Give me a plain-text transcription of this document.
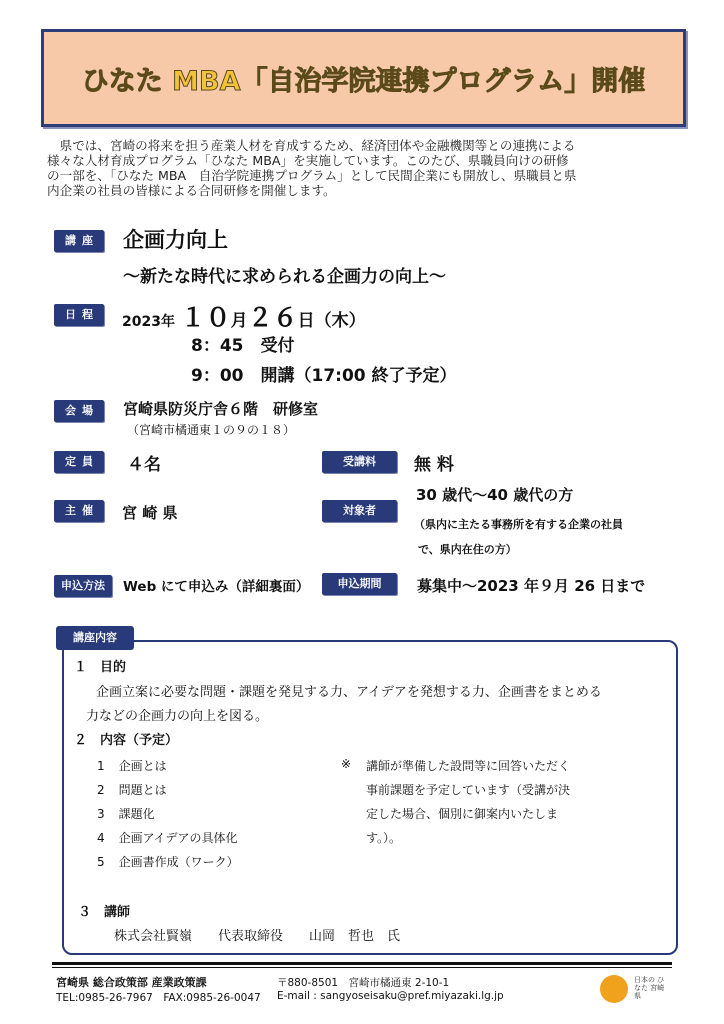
ひなた MBA「自治学院連携プログラム」開催
　県では、宮崎の将来を担う産業人材を育成するため、経済団体や金融機関等との連携による
様々な人材育成プログラム「ひなた MBA」を実施しています。このたび、県職員向けの研修
の一部を、「ひなた MBA　自治学院連携プログラム」として民間企業にも開放し、県職員と県
内企業の社員の皆様による合同研修を開催します。
講座 企画力向上
～新たな時代に求められる企画力の向上～
日程	2023年 １０月２６日（木）
8：45　受付
9：00　開講（17:00 終了予定）
会場	宮崎県防災庁舎６階　研修室
（宮崎市橘通東１の９の１８）
定員 ４名	受講料	無 料
主催	宮 崎 県	対象者
30 歳代～40 歳代の方
（県内に主たる事務所を有する企業の社員
で、県内在住の方）
申込方法	Web にて申込み（詳細裏面）	申込期間	募集中～2023 年９月 26 日まで
講座内容
１　目的
企画立案に必要な問題・課題を発見する力、アイデアを発想する力、企画書をまとめる
力などの企画力の向上を図る。
２　内容（予定）
1 企画とは
2 問題とは
3 課題化
4 企画アイデアの具体化
5 企画書作成（ワーク）
※ 講師が準備した設問等に回答いただく
事前課題を予定しています（受講が決
定した場合、個別に御案内いたしま
す。）。
３　講師
株式会社賢嶺　　代表取締役　　山岡　哲也　氏
宮崎県 総合政策部 産業政策課	〒880-8501　宮崎市橘通東 2-10-1
TEL:0985-26-7967　FAX:0985-26-0047 E-mail : sangyoseisaku@pref.miyazaki.lg.jp
日本の ひなた 宮崎県
